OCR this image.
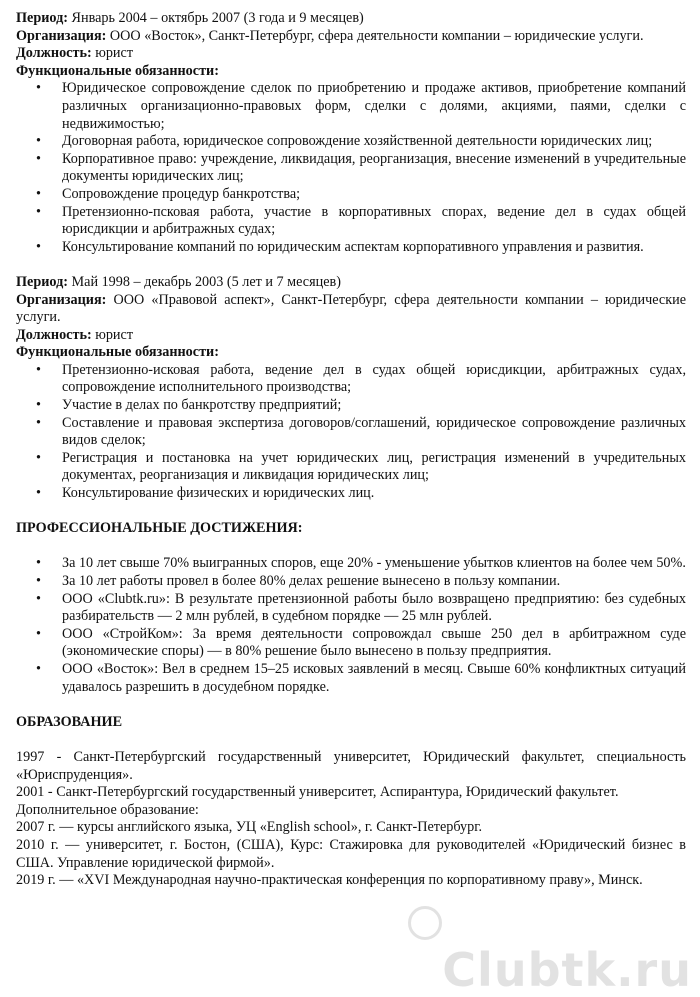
Период: Январь 2004 – октябрь 2007 (3 года и 9 месяцев)

Организация: ООО «Восток», Санкт-Петербург, сфера деятельности компании – юридические услуги.

Должность: юрист

Функциональные обязанности:

• Юридическое сопровождение сделок по приобретению и продаже активов, приобретение компаний различных организационно-правовых форм, сделки с долями, акциями, паями, сделки с недвижимостью;
• Договорная работа, юридическое сопровождение хозяйственной деятельности юридических лиц;
• Корпоративное право: учреждение, ликвидация, реорганизация, внесение изменений в учредительные документы юридических лиц;
• Сопровождение процедур банкротства;
• Претензионно-псковая работа, участие в корпоративных спорах, ведение дел в судах общей юрисдикции и арбитражных судах;
• Консультирование компаний по юридическим аспектам корпоративного управления и развития.

Период: Май 1998 – декабрь 2003 (5 лет и 7 месяцев)

Организация: ООО «Правовой аспект», Санкт-Петербург, сфера деятельности компании – юридические услуги.

Должность: юрист

Функциональные обязанности:

• Претензионно-исковая работа, ведение дел в судах общей юрисдикции, арбитражных судах, сопровождение исполнительного производства;
• Участие в делах по банкротству предприятий;
• Составление и правовая экспертиза договоров/соглашений, юридическое сопровождение различных видов сделок;
• Регистрация и постановка на учет юридических лиц, регистрация изменений в учредительных документах, реорганизация и ликвидация юридических лиц;
• Консультирование физических и юридических лиц.

ПРОФЕССИОНАЛЬНЫЕ ДОСТИЖЕНИЯ:

• За 10 лет свыше 70% выигранных споров, еще 20% - уменьшение убытков клиентов на более чем 50%.
• За 10 лет работы провел в более 80% делах решение вынесено в пользу компании.
• ООО «Clubtk.ru»: В результате претензионной работы было возвращено предприятию: без судебных разбирательств — 2 млн рублей, в судебном порядке — 25 млн рублей.
• ООО «СтройКом»: За время деятельности сопровождал свыше 250 дел в арбитражном суде (экономические споры) — в 80% решение было вынесено в пользу предприятия.
• ООО «Восток»: Вел в среднем 15–25 исковых заявлений в месяц. Свыше 60% конфликтных ситуаций удавалось разрешить в досудебном порядке.

ОБРАЗОВАНИЕ

1997 - Санкт-Петербургский государственный университет, Юридический факультет, специальность «Юриспруденция».

2001 - Санкт-Петербургский государственный университет, Аспирантура, Юридический факультет.

Дополнительное образование:

2007 г. — курсы английского языка, УЦ «English school», г. Санкт-Петербург.

2010 г. — университет, г. Бостон, (США), Курс: Стажировка для руководителей «Юридический бизнес в США. Управление юридической фирмой».

2019 г. — «XVI Международная научно-практическая конференция по корпоративному праву», Минск.

Clubtk.ru
